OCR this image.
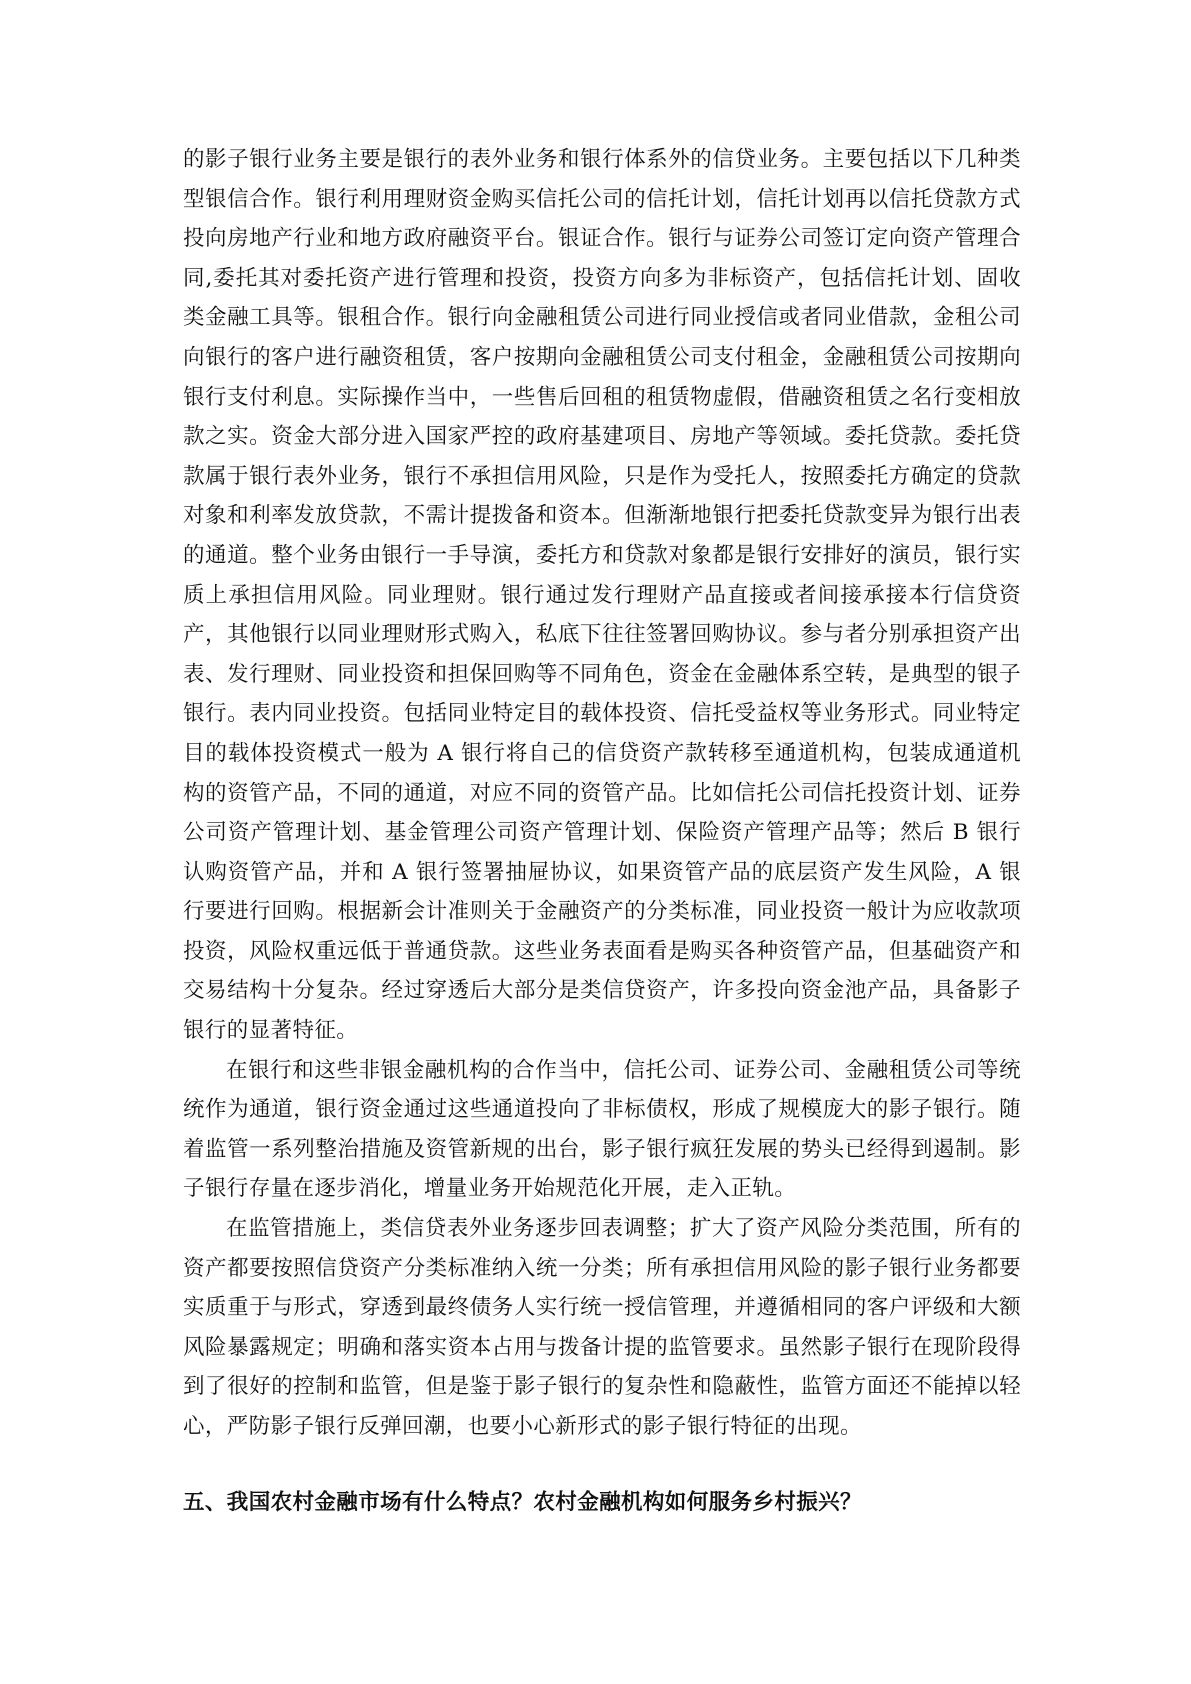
的影子银行业务主要是银行的表外业务和银行体系外的信贷业务。主要包括以下几种类型银信合作。银行利用理财资金购买信托公司的信托计划，信托计划再以信托贷款方式投向房地产行业和地方政府融资平台。银证合作。银行与证券公司签订定向资产管理合同,委托其对委托资产进行管理和投资，投资方向多为非标资产，包括信托计划、固收类金融工具等。银租合作。银行向金融租赁公司进行同业授信或者同业借款，金租公司向银行的客户进行融资租赁，客户按期向金融租赁公司支付租金，金融租赁公司按期向银行支付利息。实际操作当中，一些售后回租的租赁物虚假，借融资租赁之名行变相放款之实。资金大部分进入国家严控的政府基建项目、房地产等领域。委托贷款。委托贷款属于银行表外业务，银行不承担信用风险，只是作为受托人，按照委托方确定的贷款对象和利率发放贷款，不需计提拨备和资本。但渐渐地银行把委托贷款变异为银行出表的通道。整个业务由银行一手导演，委托方和贷款对象都是银行安排好的演员，银行实质上承担信用风险。同业理财。银行通过发行理财产品直接或者间接承接本行信贷资产，其他银行以同业理财形式购入，私底下往往签署回购协议。参与者分别承担资产出表、发行理财、同业投资和担保回购等不同角色，资金在金融体系空转，是典型的银子银行。表内同业投资。包括同业特定目的载体投资、信托受益权等业务形式。同业特定目的载体投资模式一般为 A 银行将自己的信贷资产款转移至通道机构，包装成通道机构的资管产品，不同的通道，对应不同的资管产品。比如信托公司信托投资计划、证券公司资产管理计划、基金管理公司资产管理计划、保险资产管理产品等；然后 B 银行认购资管产品，并和 A 银行签署抽屉协议，如果资管产品的底层资产发生风险，A 银行要进行回购。根据新会计准则关于金融资产的分类标准，同业投资一般计为应收款项投资，风险权重远低于普通贷款。这些业务表面看是购买各种资管产品，但基础资产和交易结构十分复杂。经过穿透后大部分是类信贷资产，许多投向资金池产品，具备影子银行的显著特征。

在银行和这些非银金融机构的合作当中，信托公司、证券公司、金融租赁公司等统统作为通道，银行资金通过这些通道投向了非标债权，形成了规模庞大的影子银行。随着监管一系列整治措施及资管新规的出台，影子银行疯狂发展的势头已经得到遏制。影子银行存量在逐步消化，增量业务开始规范化开展，走入正轨。

在监管措施上，类信贷表外业务逐步回表调整；扩大了资产风险分类范围，所有的资产都要按照信贷资产分类标准纳入统一分类；所有承担信用风险的影子银行业务都要实质重于与形式，穿透到最终债务人实行统一授信管理，并遵循相同的客户评级和大额风险暴露规定；明确和落实资本占用与拨备计提的监管要求。虽然影子银行在现阶段得到了很好的控制和监管，但是鉴于影子银行的复杂性和隐蔽性，监管方面还不能掉以轻心，严防影子银行反弹回潮，也要小心新形式的影子银行特征的出现。

五、我国农村金融市场有什么特点？农村金融机构如何服务乡村振兴？
